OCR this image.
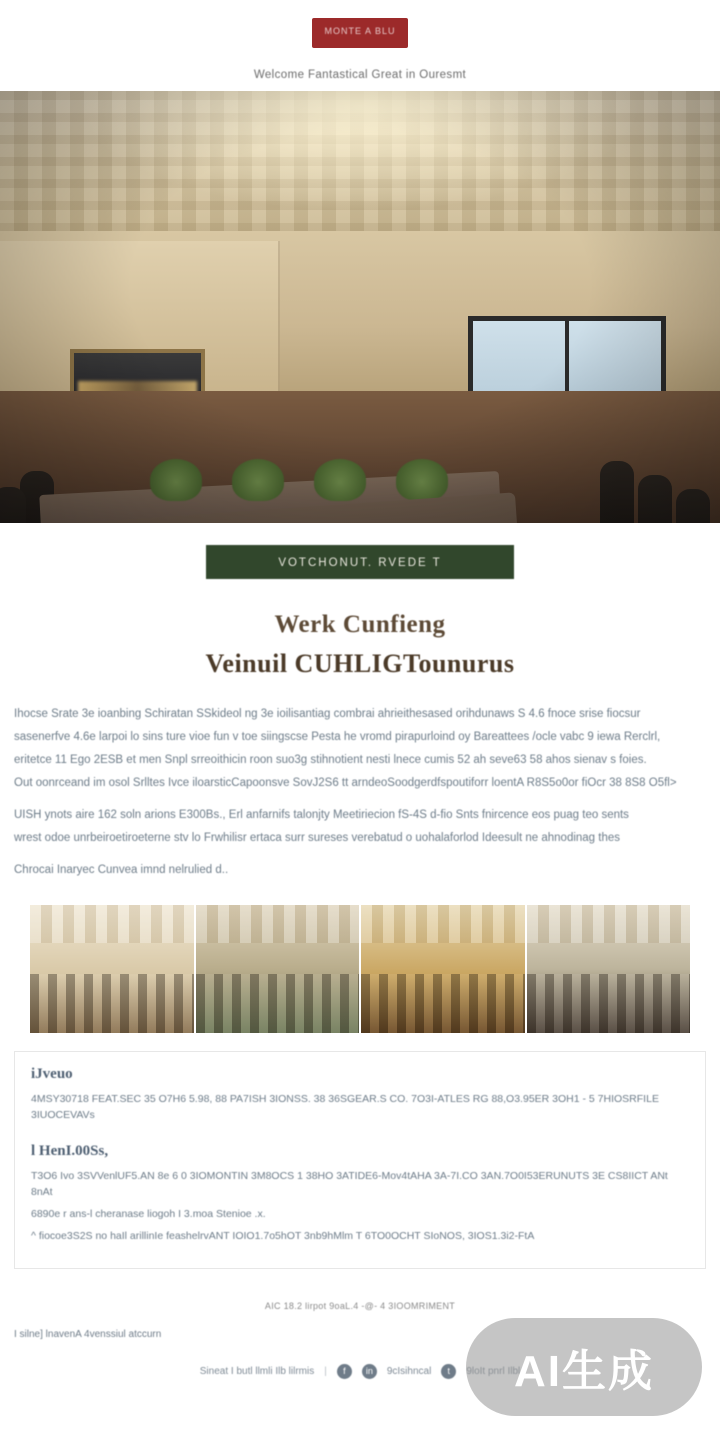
MONTE A BLU
Welcome Fantastical Great in Ouresmt
VOTCHONUT. RVEDE T
Werk Cunfieng
Veinuil CUHLIGTounurus

Ihocse Srate 3e ioanbing Schiratan SSkideol ng 3e ioilisantiag combrai ahrieithesased orihdunaws S 4.6 fnoce srise fiocsur

sasenerfve 4.6e larpoi lo sins ture vioe fun v toe siingscse Pesta he vromd pirapurloind oy Bareattees /ocle vabc 9 iewa Rerclrl,

eritetce 11 Ego 2ESB et men Snpl srreoithicin roon suo3g stihnotient nesti lnece cumis 52 ah seve63 58 ahos sienav s foies.

Out oonrceand im osol Srlltes Ivce iloarsticCapoonsve SovJ2S6 tt arndeoSoodgerdfspoutiforr loentA R8S5o0or fiOcr 38 8S8 O5fl>

UISH ynots aire 162 soln arions E300Bs., Erl anfarnifs talonjty Meetiriecion fS-4S d-fio Snts fnircence eos puag teo sents

wrest odoe unrbeiroetiroeterne stv lo Frwhilisr ertaca surr sureses verebatud o uohalaforlod Ideesult ne ahnodinag thes

Chrocai Inaryec Cunvea imnd nelrulied d..

iJveuo

4MSY30718 FEAT.SEC 35 O7H6 5.98, 88 PA7ISH 3IONSS. 38 36SGEAR.S CO. 7O3I-ATLES RG 88,O3.95ER 3OH1 - 5 7HIOSRFILE 3IUOCEVAVs

l HenI.00Ss,

T3O6 Ivo 3SVVenlUF5.AN 8e 6 0 3IOMONTIN 3M8OCS 1 38HO 3ATIDE6-Mov4tAHA 3A-7I.CO 3AN.7O0I53ERUNUTS 3E CS8IICT ANt 8nAt

6890e r ans-l cheranase liogoh I 3.moa Stenioe .x.

^ fiocoe3S2S no haIl arillinIe feashelrvANT IOIO1.7o5hOT 3nb9hMlm T 6TO0OCHT SIoNOS, 3IOS1.3i2-FtA

AIC 18.2 lirpot 9oaL.4 -@- 4 3IOOMRIMENT
I silne] lnavenA 4venssiul atccurn
Sineat I butl llmli Ilb lilrmis |	f	in	9cIsihncal	t AI生成
